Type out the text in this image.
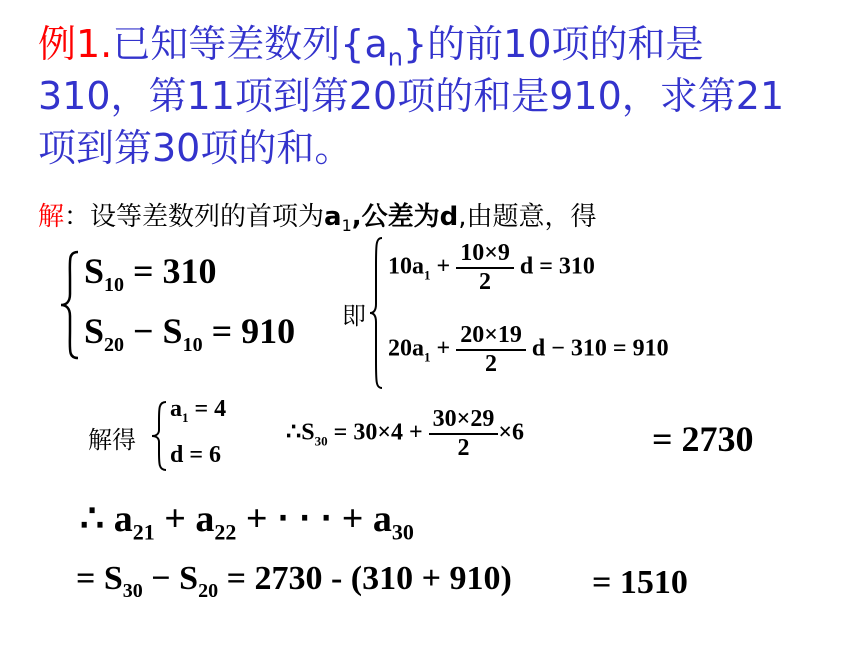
例1.已知等差数列$\{a_n\}$的前10项的和是
310，第11项到第20项的和是910，求第21
项到第30项的和。
解：设等差数列的首项为$a_1$,公差为d,由题意，得
$S_{10} = 310$
$S_{20} - S_{10} = 910$ 即
$10a_1 + \frac{10\times 9}{2}$ d = 310
$20a_1 + \frac{20\times 19}{2}$ d − 310 = 910
解得
$a_1 = 4$
d = 6
$\therefore S_{30} = 30\times 4 + \frac{30\times 29}{2} \times 6$	= 2730
∴ $a_{21} + a_{22}$ + ⋅ ⋅ ⋅ + $a_{30}$
= $S_{30} - S_{20} = 2730 - (310 + 910) = 1510$
